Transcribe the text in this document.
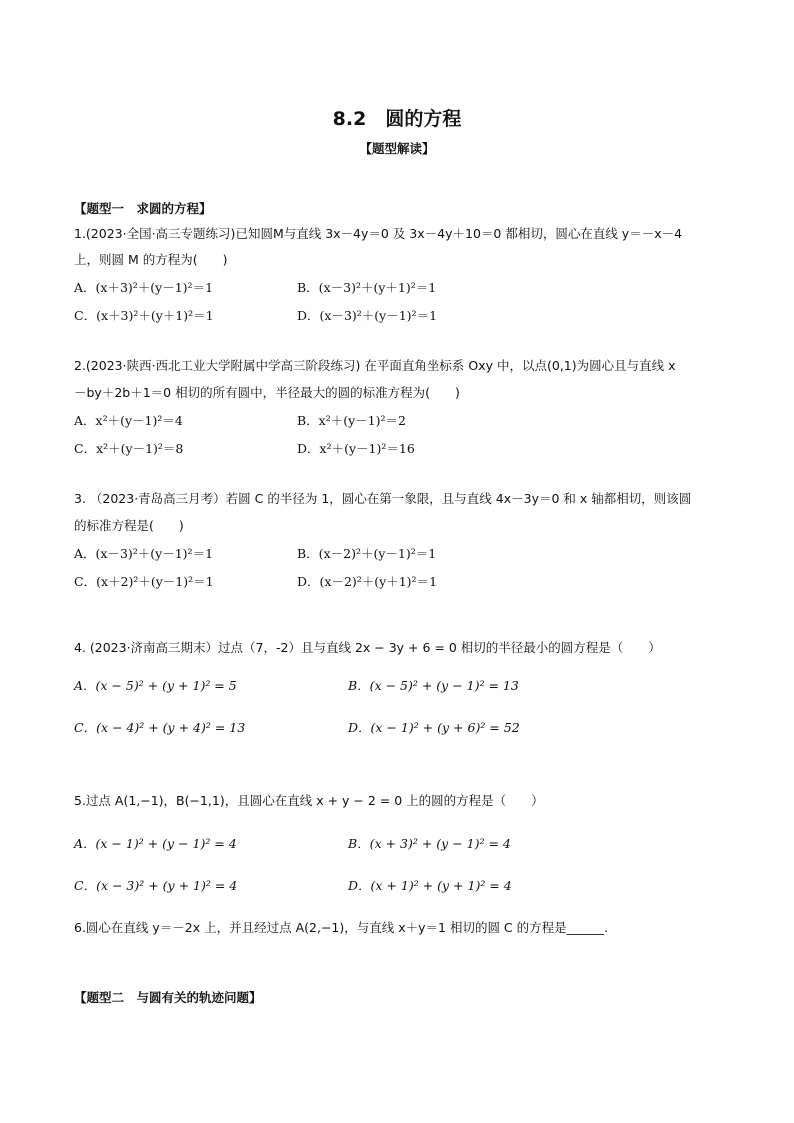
8.2　圆的方程
【题型解读】
【题型一　求圆的方程】
1.(2023·全国·高三专题练习)已知圆M与直线 3x－4y＝0 及 3x－4y＋10＝0 都相切，圆心在直线 y＝－x－4
上，则圆 M 的方程为(　　)
A．(x＋3)²＋(y－1)²＝1	B．(x－3)²＋(y＋1)²＝1
C．(x＋3)²＋(y＋1)²＝1	D．(x－3)²＋(y－1)²＝1
2.(2023·陕西·西北工业大学附属中学高三阶段练习) 在平面直角坐标系 Oxy 中，以点(0,1)为圆心且与直线 x
－by＋2b＋1＝0 相切的所有圆中，半径最大的圆的标准方程为(　　)
A．x²＋(y－1)²＝4	B．x²＋(y－1)²＝2
C．x²＋(y－1)²＝8	D．x²＋(y－1)²＝16
3. （2023·青岛高三月考）若圆 C 的半径为 1，圆心在第一象限，且与直线 4x－3y＝0 和 x 轴都相切，则该圆
的标准方程是(　　)
A．(x－3)²＋(y－1)²＝1	B．(x－2)²＋(y－1)²＝1
C．(x＋2)²＋(y－1)²＝1	D．(x－2)²＋(y＋1)²＝1
4. (2023·济南高三期末）过点（7，-2）且与直线 2x − 3y + 6 = 0 相切的半径最小的圆方程是（　　）
A．(x − 5)² + (y + 1)² = 5	B．(x − 5)² + (y − 1)² = 13
C．(x − 4)² + (y + 4)² = 13	D．(x − 1)² + (y + 6)² = 52
5.过点 A(1,−1)，B(−1,1)，且圆心在直线 x + y − 2 = 0 上的圆的方程是（　　）
A．(x − 1)² + (y − 1)² = 4	B．(x + 3)² + (y − 1)² = 4
C．(x − 3)² + (y + 1)² = 4	D．(x + 1)² + (y + 1)² = 4
6.圆心在直线 y＝－2x 上，并且经过点 A(2,−1)，与直线 x＋y＝1 相切的圆 C 的方程是______.
【题型二　与圆有关的轨迹问题】
